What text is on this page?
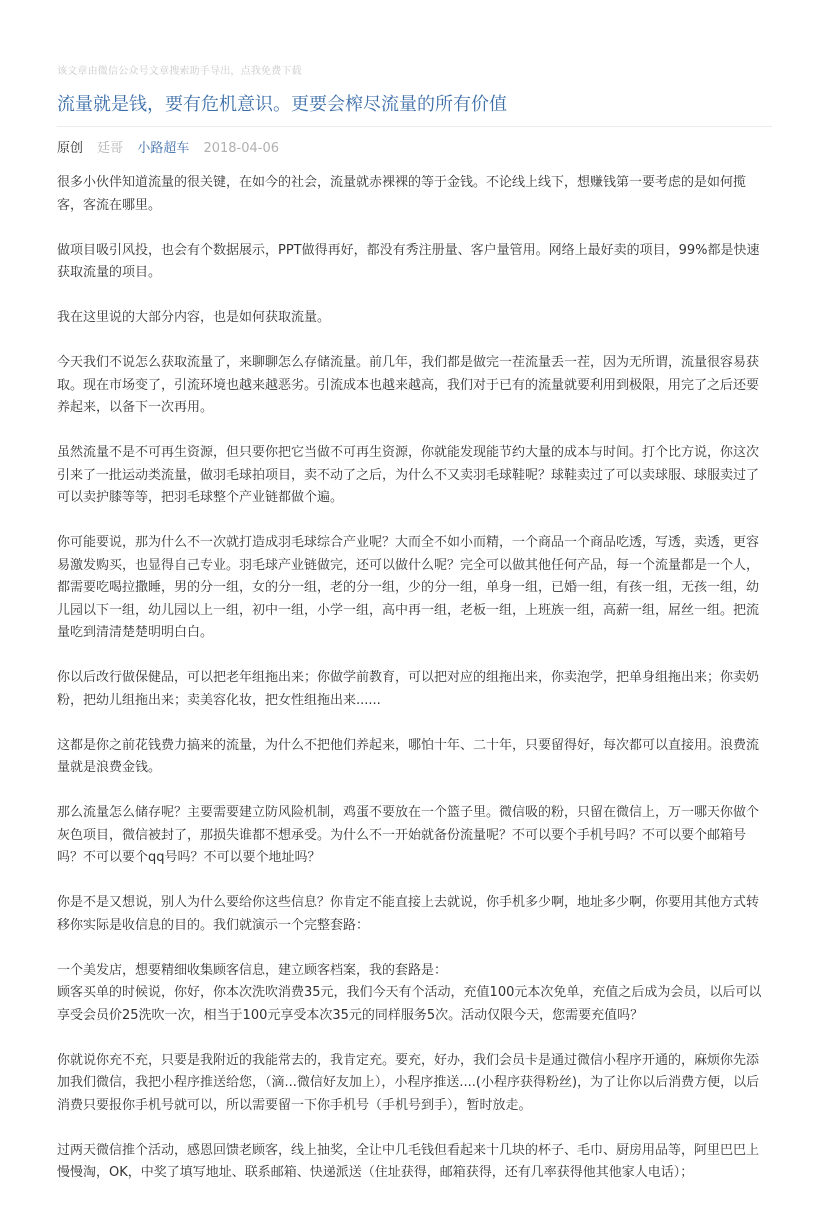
该文章由微信公众号文章搜索助手导出，点我免费下载
流量就是钱，要有危机意识。更要会榨尽流量的所有价值
原创 廷哥 小路超车 2018-04-06

很多小伙伴知道流量的很关键，在如今的社会，流量就赤裸裸的等于金钱。不论线上线下，想赚钱第一要考虑的是如何揽客，客流在哪里。

做项目吸引风投，也会有个数据展示，PPT做得再好，都没有秀注册量、客户量管用。网络上最好卖的项目，99%都是快速获取流量的项目。

我在这里说的大部分内容，也是如何获取流量。

今天我们不说怎么获取流量了，来聊聊怎么存储流量。前几年，我们都是做完一茬流量丢一茬，因为无所谓，流量很容易获取。现在市场变了，引流环境也越来越恶劣。引流成本也越来越高，我们对于已有的流量就要利用到极限，用完了之后还要养起来，以备下一次再用。

虽然流量不是不可再生资源，但只要你把它当做不可再生资源，你就能发现能节约大量的成本与时间。打个比方说，你这次引来了一批运动类流量，做羽毛球拍项目，卖不动了之后，为什么不又卖羽毛球鞋呢？球鞋卖过了可以卖球服、球服卖过了可以卖护膝等等，把羽毛球整个产业链都做个遍。

你可能要说，那为什么不一次就打造成羽毛球综合产业呢？大而全不如小而精，一个商品一个商品吃透，写透，卖透，更容易激发购买，也显得自己专业。羽毛球产业链做完，还可以做什么呢？完全可以做其他任何产品，每一个流量都是一个人，都需要吃喝拉撒睡，男的分一组，女的分一组，老的分一组，少的分一组，单身一组，已婚一组，有孩一组，无孩一组，幼儿园以下一组，幼儿园以上一组，初中一组，小学一组，高中再一组，老板一组，上班族一组，高薪一组，屌丝一组。把流量吃到清清楚楚明明白白。

你以后改行做保健品，可以把老年组拖出来；你做学前教育，可以把对应的组拖出来，你卖泡学，把单身组拖出来；你卖奶粉，把幼儿组拖出来；卖美容化妆，把女性组拖出来......

这都是你之前花钱费力搞来的流量，为什么不把他们养起来，哪怕十年、二十年，只要留得好，每次都可以直接用。浪费流量就是浪费金钱。

那么流量怎么储存呢？主要需要建立防风险机制，鸡蛋不要放在一个篮子里。微信吸的粉，只留在微信上，万一哪天你做个灰色项目，微信被封了，那损失谁都不想承受。为什么不一开始就备份流量呢？不可以要个手机号吗？不可以要个邮箱号吗？不可以要个qq号吗？不可以要个地址吗？

你是不是又想说，别人为什么要给你这些信息？你肯定不能直接上去就说，你手机多少啊，地址多少啊，你要用其他方式转移你实际是收信息的目的。我们就演示一个完整套路：

一个美发店，想要精细收集顾客信息，建立顾客档案，我的套路是：

顾客买单的时候说，你好，你本次洗吹消费35元，我们今天有个活动，充值100元本次免单，充值之后成为会员，以后可以享受会员价25洗吹一次，相当于100元享受本次35元的同样服务5次。活动仅限今天，您需要充值吗？

你就说你充不充，只要是我附近的我能常去的，我肯定充。要充，好办，我们会员卡是通过微信小程序开通的，麻烦你先添加我们微信，我把小程序推送给您，（滴...微信好友加上），小程序推送....(小程序获得粉丝)，为了让你以后消费方便，以后消费只要报你手机号就可以，所以需要留一下你手机号（手机号到手），暂时放走。

过两天微信推个活动，感恩回馈老顾客，线上抽奖，全让中几毛钱但看起来十几块的杯子、毛巾、厨房用品等，阿里巴巴上慢慢淘，OK，中奖了填写地址、联系邮箱、快递派送（住址获得，邮箱获得，还有几率获得他其他家人电话）；
